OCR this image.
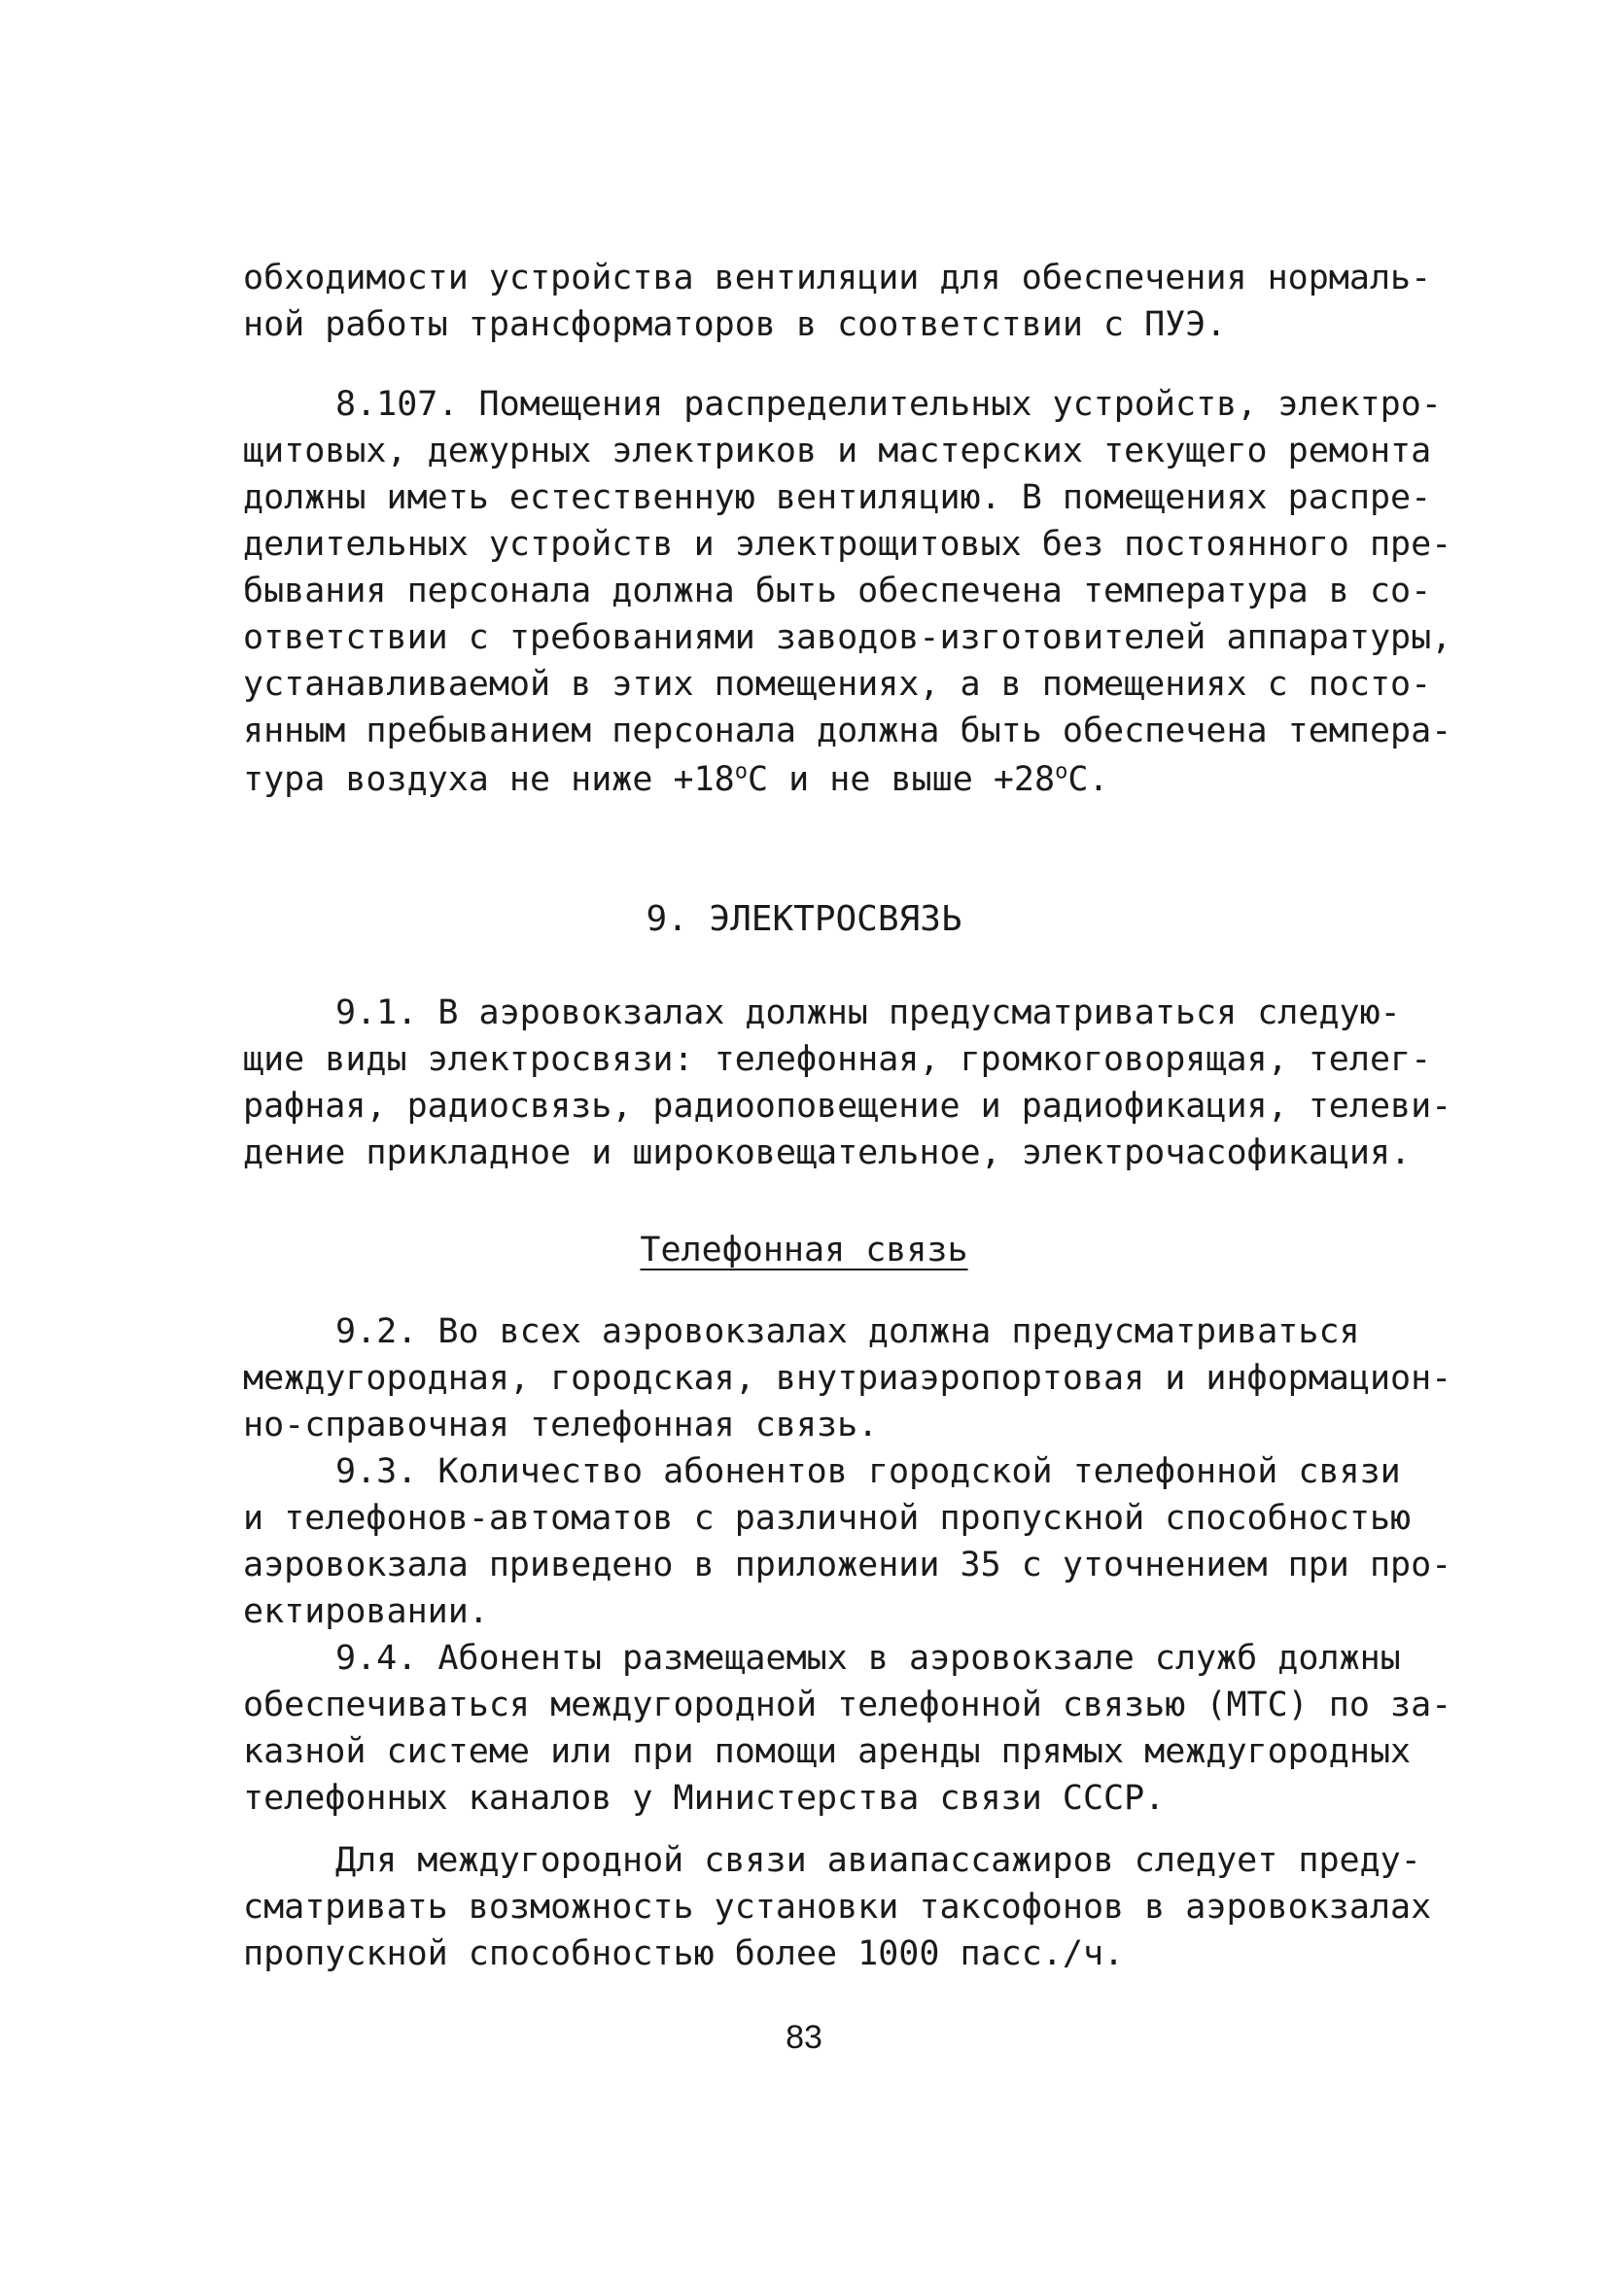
обходимости устройства вентиляции для обеспечения нормаль-
ной работы трансформаторов в соответствии с ПУЭ.
8.107. Помещения распределительных устройств, электро-
щитовых, дежурных электриков и мастерских текущего ремонта
должны иметь естественную вентиляцию. В помещениях распре-
делительных устройств и электрощитовых без постоянного пре-
бывания персонала должна быть обеспечена температура в со-
ответствии с требованиями заводов-изготовителей аппаратуры,
устанавливаемой в этих помещениях, а в помещениях с посто-
янным пребыванием персонала должна быть обеспечена темпера-
тура воздуха не ниже $+18^оС$ и не выше $+28^оС$.
9. ЭЛЕКТРОСВЯЗЬ
9.1. В аэровокзалах должны предусматриваться следую-
щие виды электросвязи: телефонная, громкоговорящая, телег-
рафная, радиосвязь, радиооповещение и радиофикация, телеви-
дение прикладное и широковещательное, электрочасофикация.
Телефонная связь
9.2. Во всех аэровокзалах должна предусматриваться
междугородная, городская, внутриаэропортовая и информацион-
но-справочная телефонная связь.
9.3. Количество абонентов городской телефонной связи
и телефонов-автоматов с различной пропускной способностью
аэровокзала приведено в приложении 35 с уточнением при про-
ектировании.
9.4. Абоненты размещаемых в аэровокзале служб должны
обеспечиваться междугородной телефонной связью (МТС) по за-
казной системе или при помощи аренды прямых междугородных
телефонных каналов у Министерства связи СССР.
Для междугородной связи авиапассажиров следует преду-
сматривать возможность установки таксофонов в аэровокзалах
пропускной способностью более 1000 пасс./ч.
83
